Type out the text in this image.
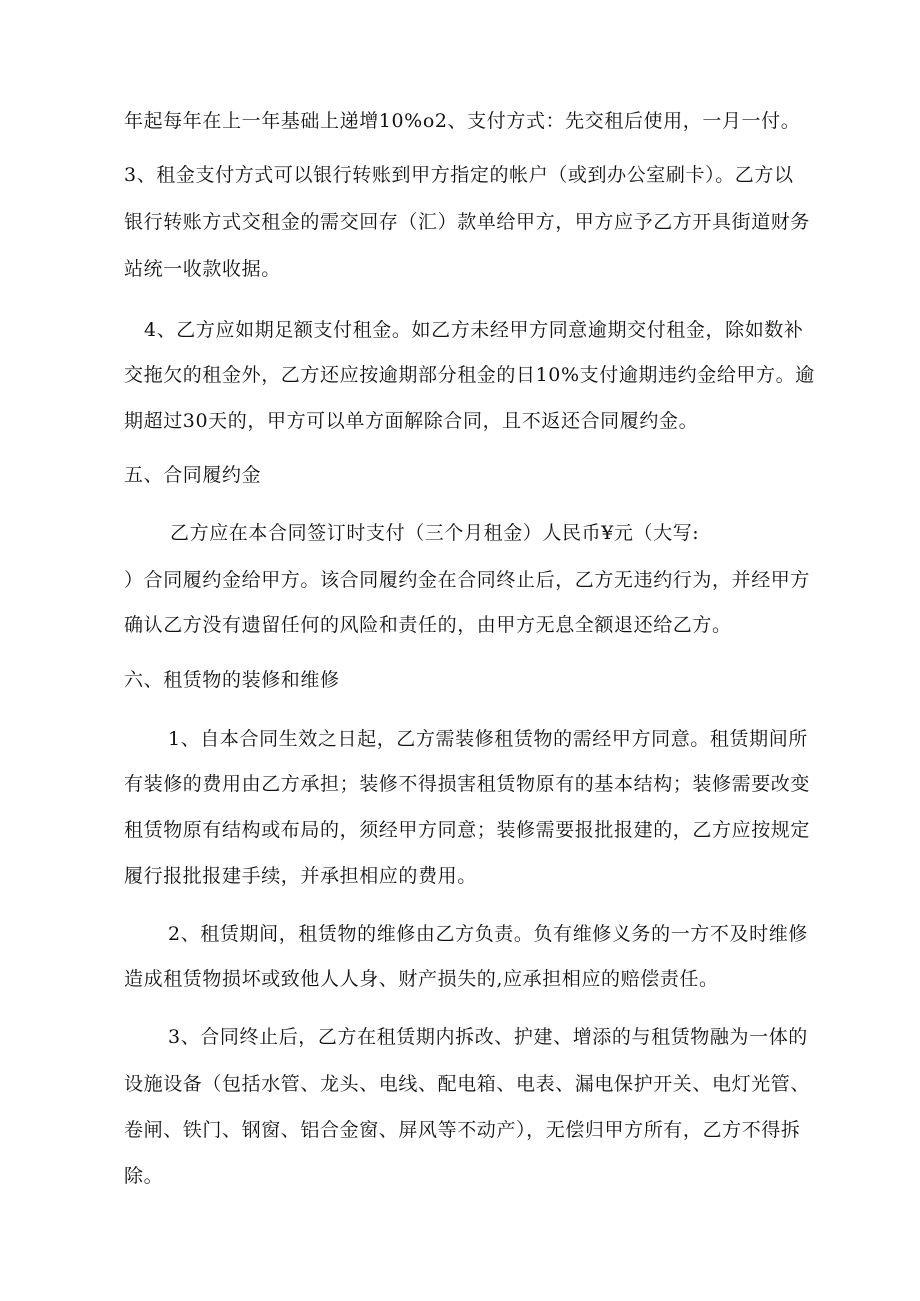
年起每年在上一年基础上递增10%o2、支付方式：先交租后使用，一月一付。
3、租金支付方式可以银行转账到甲方指定的帐户（或到办公室刷卡）。乙方以
银行转账方式交租金的需交回存（汇）款单给甲方，甲方应予乙方开具街道财务
站统一收款收据。
4、乙方应如期足额支付租金。如乙方未经甲方同意逾期交付租金，除如数补
交拖欠的租金外，乙方还应按逾期部分租金的日10%支付逾期违约金给甲方。逾
期超过30天的，甲方可以单方面解除合同，且不返还合同履约金。
五、合同履约金
乙方应在本合同签订时支付（三个月租金）人民币¥元（大写:
）合同履约金给甲方。该合同履约金在合同终止后，乙方无违约行为，并经甲方
确认乙方没有遗留任何的风险和责任的，由甲方无息全额退还给乙方。
六、租赁物的装修和维修
1、自本合同生效之日起，乙方需装修租赁物的需经甲方同意。租赁期间所
有装修的费用由乙方承担；装修不得损害租赁物原有的基本结构；装修需要改变
租赁物原有结构或布局的，须经甲方同意；装修需要报批报建的，乙方应按规定
履行报批报建手续，并承担相应的费用。
2、租赁期间，租赁物的维修由乙方负责。负有维修义务的一方不及时维修
造成租赁物损坏或致他人人身、财产损失的,应承担相应的赔偿责任。
3、合同终止后，乙方在租赁期内拆改、护建、增添的与租赁物融为一体的
设施设备（包括水管、龙头、电线、配电箱、电表、漏电保护开关、电灯光管、
卷闸、铁门、钢窗、铝合金窗、屏风等不动产），无偿归甲方所有，乙方不得拆
除。
